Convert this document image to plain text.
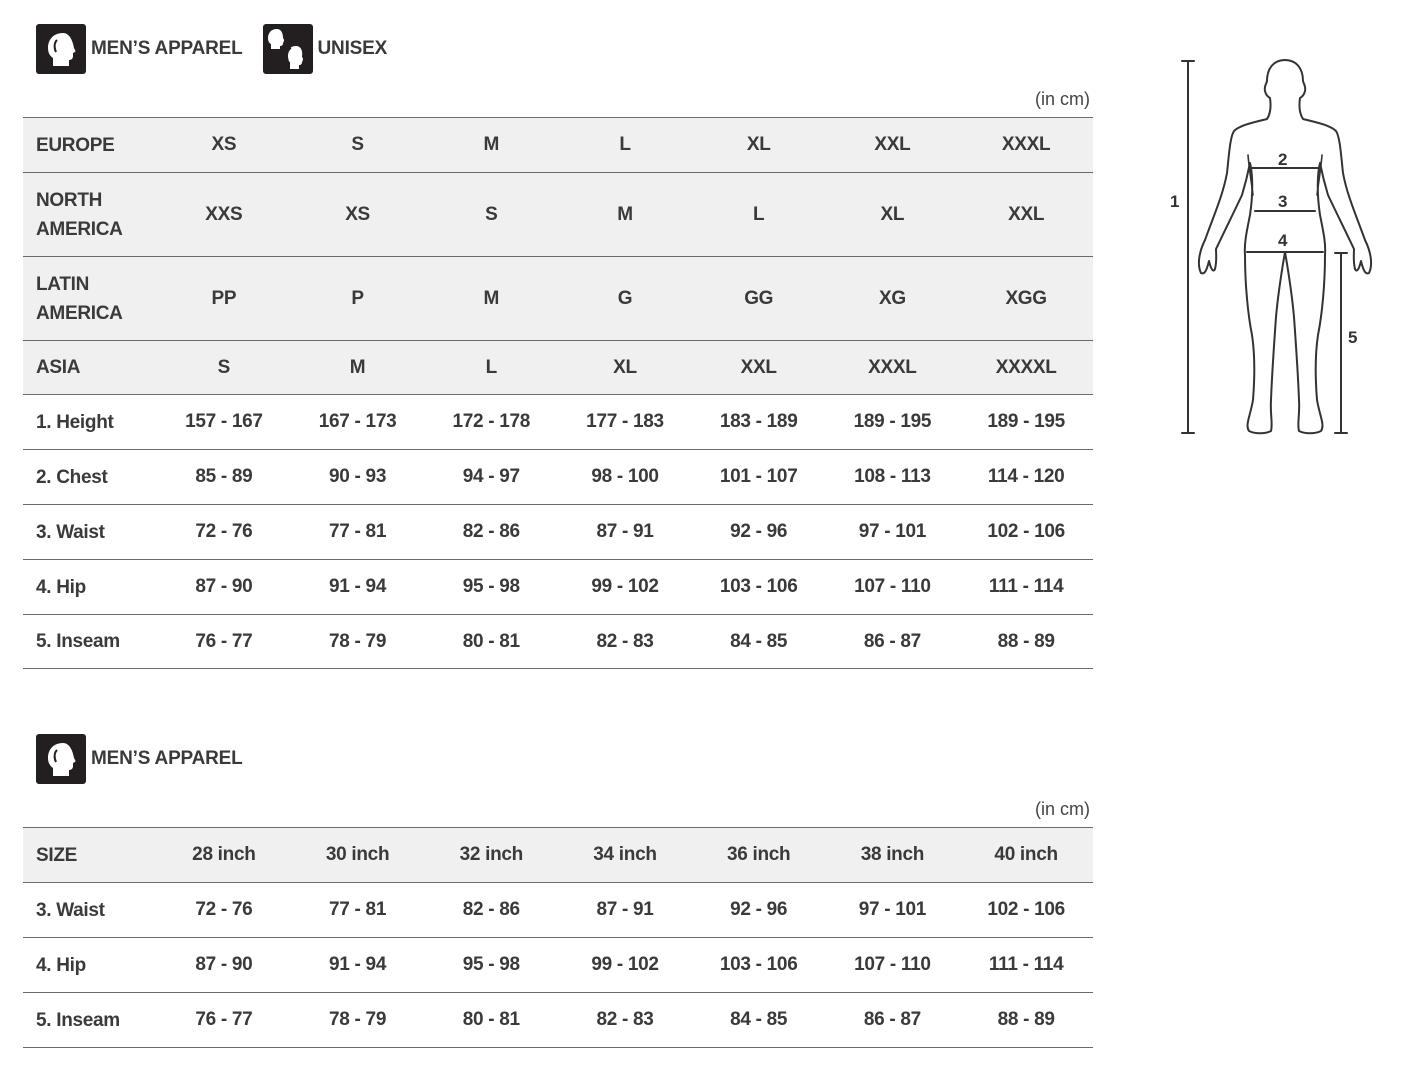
MEN’S APPAREL	UNISEX
(in cm)
EUROPE	XS	S	M	L	XL	XXL	XXXL
NORTH
AMERICA	XXS	XS	S	M	L	XL	XXL
LATIN
AMERICA	PP	P	M	G	GG	XG	XGG
ASIA	S	M	L	XL	XXL	XXXL	XXXXL
1. Height	157 - 167	167 - 173	172 - 178	177 - 183	183 - 189	189 - 195	189 - 195
2. Chest	85 - 89	90 - 93	94 - 97	98 - 100	101 - 107	108 - 113	114 - 120
3. Waist	72 - 76	77 - 81	82 - 86	87 - 91	92 - 96	97 - 101	102 - 106
4. Hip	87 - 90	91 - 94	95 - 98	99 - 102	103 - 106	107 - 110	111 - 114
5. Inseam	76 - 77	78 - 79	80 - 81	82 - 83	84 - 85	86 - 87	88 - 89
1
2
3
4
5
MEN’S APPAREL
(in cm)
SIZE	28 inch	30 inch	32 inch	34 inch	36 inch	38 inch	40 inch
3. Waist	72 - 76	77 - 81	82 - 86	87 - 91	92 - 96	97 - 101	102 - 106
4. Hip	87 - 90	91 - 94	95 - 98	99 - 102	103 - 106	107 - 110	111 - 114
5. Inseam	76 - 77	78 - 79	80 - 81	82 - 83	84 - 85	86 - 87	88 - 89
